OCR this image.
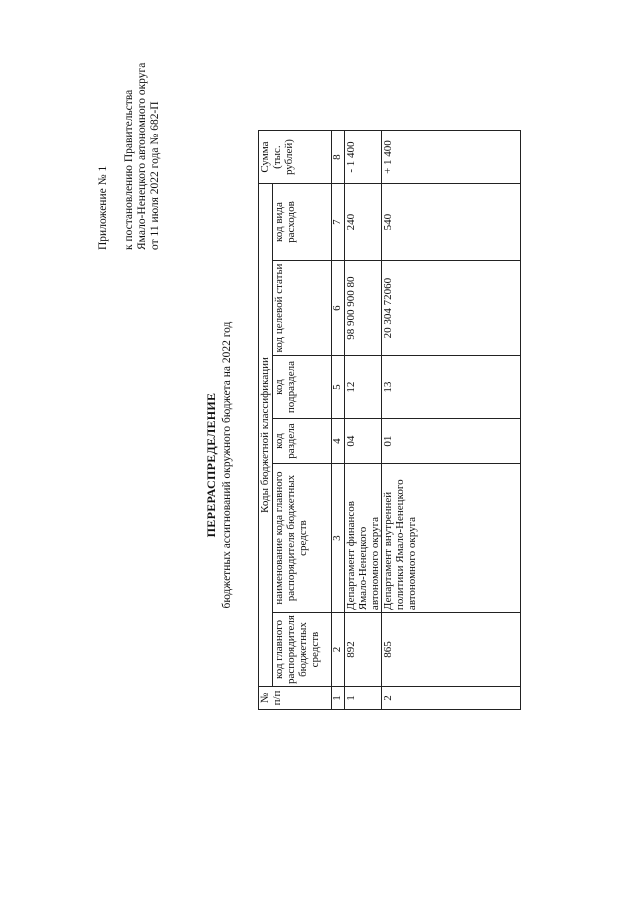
Приложение № 1 к постановлению Правительства Ямало-Ненецкого автономного округа от 11 июля 2022 года № 682-П
ПЕРЕРАСПРЕДЕЛЕНИЕ бюджетных ассигнований окружного бюджета на 2022 год
№ п/п	Коды бюджетной классификации						Сумма (тыс. рублей)
	код главного распорядителя бюджетных средств	наименование кода главного распорядителя бюджетных средств	код раздела	код подраздела	код целевой статьи	код вида расходов	
1	2	3	4	5	6	7	8
1	892	Департамент финансов Ямало-Ненецкого автономного округа	04	12	98 900 900 80	240	- 1 400
2	865	Департамент внутренней политики Ямало-Ненецкого автономного округа	01	13	20 304 72060	540	+ 1 400
